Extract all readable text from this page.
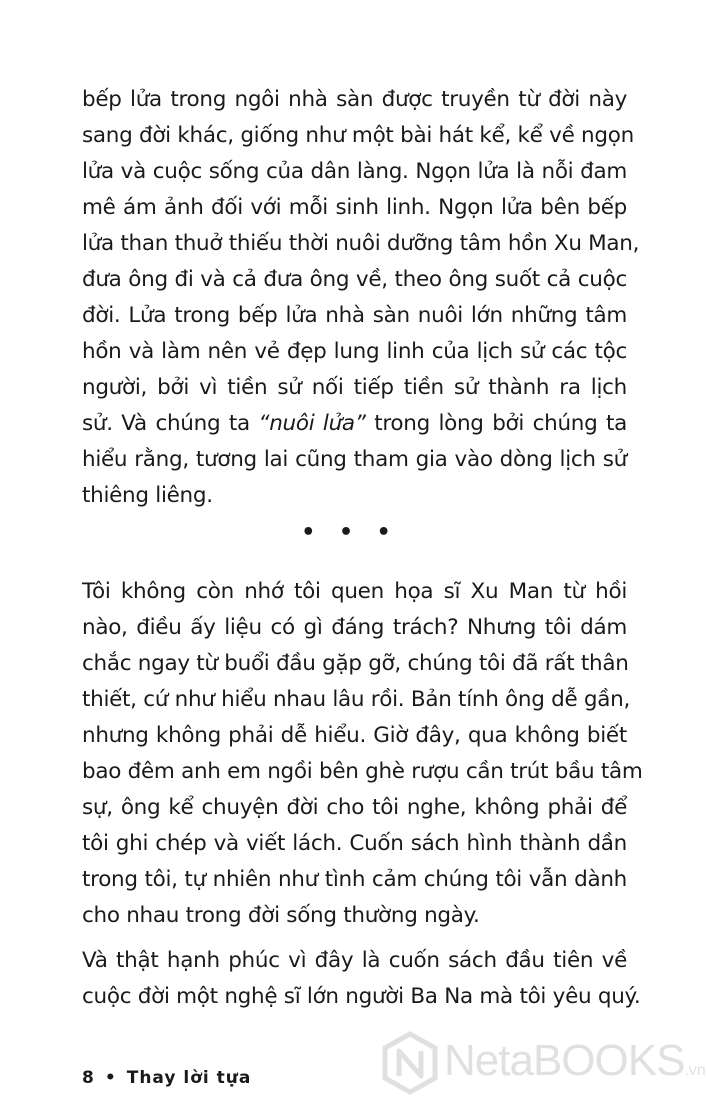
bếp lửa trong ngôi nhà sàn được truyền từ đời này
sang đời khác, giống như một bài hát kể, kể về ngọn
lửa và cuộc sống của dân làng. Ngọn lửa là nỗi đam
mê ám ảnh đối với mỗi sinh linh. Ngọn lửa bên bếp
lửa than thuở thiếu thời nuôi dưỡng tâm hồn Xu Man,
đưa ông đi và cả đưa ông về, theo ông suốt cả cuộc
đời. Lửa trong bếp lửa nhà sàn nuôi lớn những tâm
hồn và làm nên vẻ đẹp lung linh của lịch sử các tộc
người, bởi vì tiền sử nối tiếp tiền sử thành ra lịch
sử. Và chúng ta “nuôi lửa” trong lòng bởi chúng ta
hiểu rằng, tương lai cũng tham gia vào dòng lịch sử
thiêng liêng.
• • •
Tôi không còn nhớ tôi quen họa sĩ Xu Man từ hồi
nào, điều ấy liệu có gì đáng trách? Nhưng tôi dám
chắc ngay từ buổi đầu gặp gỡ, chúng tôi đã rất thân
thiết, cứ như hiểu nhau lâu rồi. Bản tính ông dễ gần,
nhưng không phải dễ hiểu. Giờ đây, qua không biết
bao đêm anh em ngồi bên ghè rượu cần trút bầu tâm
sự, ông kể chuyện đời cho tôi nghe, không phải để
tôi ghi chép và viết lách. Cuốn sách hình thành dần
trong tôi, tự nhiên như tình cảm chúng tôi vẫn dành
cho nhau trong đời sống thường ngày.
Và thật hạnh phúc vì đây là cuốn sách đầu tiên về
cuộc đời một nghệ sĩ lớn người Ba Na mà tôi yêu quý.
8 • Thay lời tựa	NetaBOOKS.vn
